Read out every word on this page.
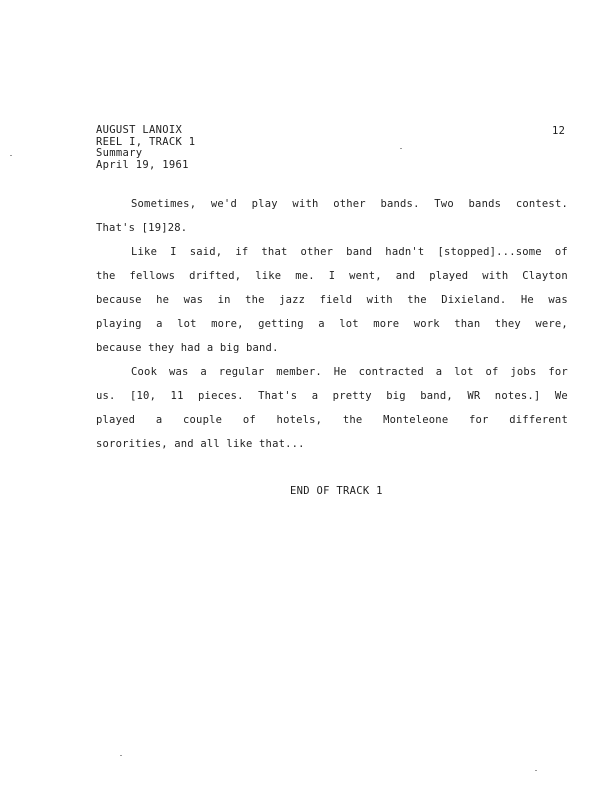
AUGUST LANOIX
REEL I, TRACK 1
Summary
April 19, 1961
12
Sometimes, we'd play with other bands. Two bands contest.
That's [19]28.
Like I said, if that other band hadn't [stopped]...some of
the fellows drifted, like me. I went, and played with Clayton
because he was in the jazz field with the Dixieland. He was
playing a lot more, getting a lot more work than they were,
because they had a big band.
Cook was a regular member. He contracted a lot of jobs for
us. [10, 11 pieces. That's a pretty big band, WR notes.] We
played a couple of hotels, the Monteleone for different
sororities, and all like that...
END OF TRACK 1
